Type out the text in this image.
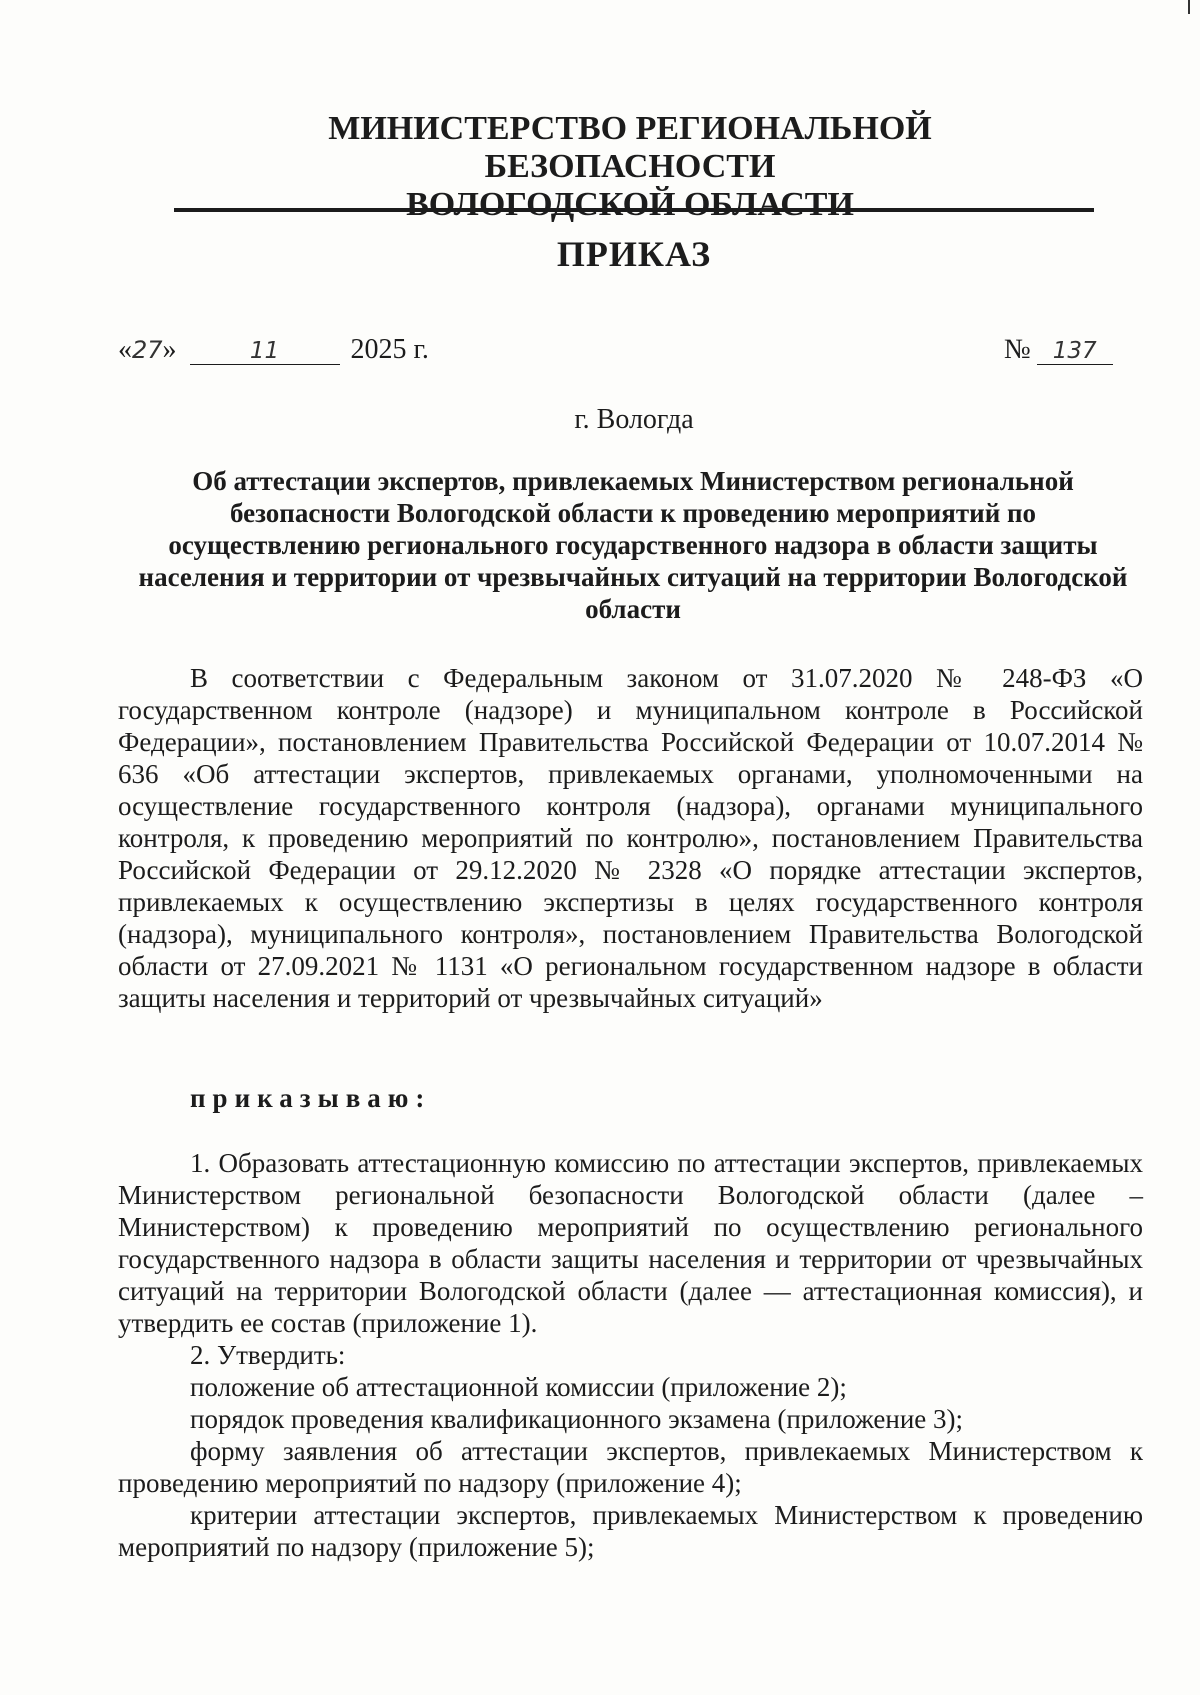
МИНИСТЕРСТВО РЕГИОНАЛЬНОЙ БЕЗОПАСНОСТИ
ВОЛОГОДСКОЙ ОБЛАСТИ
ПРИКАЗ
«27»	11	2025 г.	№ 137
г. Вологда
Об аттестации экспертов, привлекаемых Министерством региональной безопасности Вологодской области к проведению мероприятий по осуществлению регионального государственного надзора в области защиты населения и территории от чрезвычайных ситуаций на территории Вологодской области
В соответствии с Федеральным законом от 31.07.2020 № 248-ФЗ «О государственном контроле (надзоре) и муниципальном контроле в Российской Федерации», постановлением Правительства Российской Федерации от 10.07.2014 № 636 «Об аттестации экспертов, привлекаемых органами, уполномоченными на осуществление государственного контроля (надзора), органами муниципального контроля, к проведению мероприятий по контролю», постановлением Правительства Российской Федерации от 29.12.2020 № 2328 «О порядке аттестации экспертов, привлекаемых к осуществлению экспертизы в целях государственного контроля (надзора), муниципального контроля», постановлением Правительства Вологодской области от 27.09.2021 № 1131 «О региональном государственном надзоре в области защиты населения и территорий от чрезвычайных ситуаций»
приказываю:
1. Образовать аттестационную комиссию по аттестации экспертов, привлекаемых Министерством региональной безопасности Вологодской области (далее – Министерством) к проведению мероприятий по осуществлению регионального государственного надзора в области защиты населения и территории от чрезвычайных ситуаций на территории Вологодской области (далее — аттестационная комиссия), и утвердить ее состав (приложение 1).
2. Утвердить:
положение об аттестационной комиссии (приложение 2);
порядок проведения квалификационного экзамена (приложение 3);
форму заявления об аттестации экспертов, привлекаемых Министерством к проведению мероприятий по надзору (приложение 4);
критерии аттестации экспертов, привлекаемых Министерством к проведению мероприятий по надзору (приложение 5);
